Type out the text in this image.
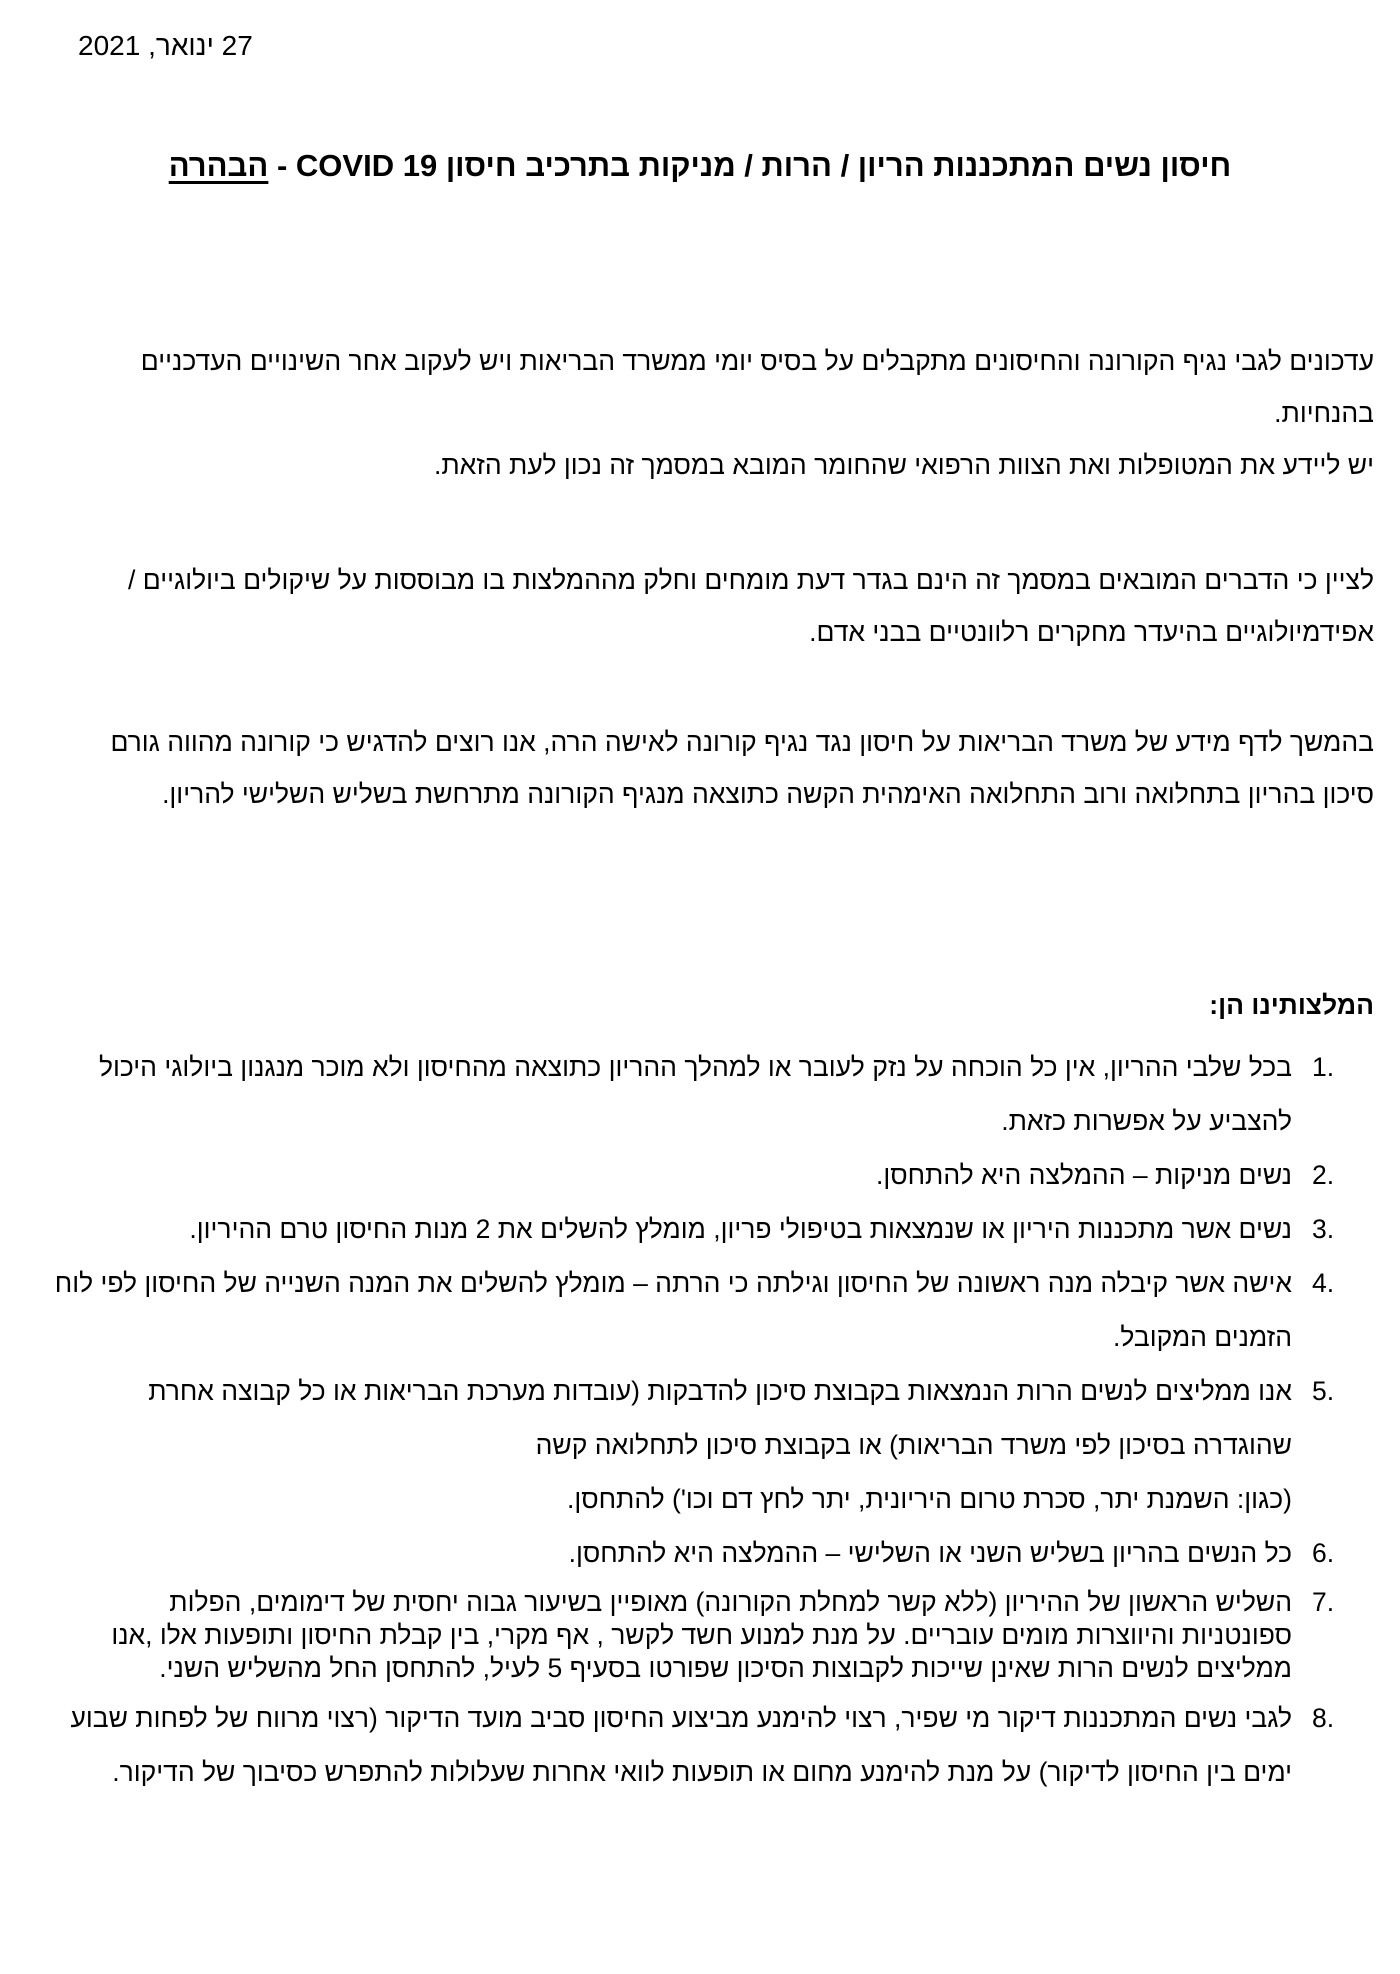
27 ינואר, 2021
חיסון נשים המתכננות הריון / הרות / מניקות בתרכיב חיסון COVID 19 - הבהרה

עדכונים לגבי נגיף הקורונה והחיסונים מתקבלים על בסיס יומי ממשרד הבריאות ויש לעקוב אחר השינויים העדכניים בהנחיות.
יש ליידע את המטופלות ואת הצוות הרפואי שהחומר המובא במסמך זה נכון לעת הזאת.

לציין כי הדברים המובאים במסמך זה הינם בגדר דעת מומחים וחלק מההמלצות בו מבוססות על שיקולים ביולוגיים / אפידמיולוגיים בהיעדר מחקרים רלוונטיים בבני אדם.

בהמשך לדף מידע של משרד הבריאות על חיסון נגד נגיף קורונה לאישה הרה, אנו רוצים להדגיש כי קורונה מהווה גורם סיכון בהריון בתחלואה ורוב התחלואה האימהית הקשה כתוצאה מנגיף הקורונה מתרחשת בשליש השלישי להריון.

המלצותינו הן:
1.
בכל שלבי ההריון, אין כל הוכחה על נזק לעובר או למהלך ההריון כתוצאה מהחיסון ולא מוכר מנגנון ביולוגי היכול להצביע על אפשרות כזאת.
2.
נשים מניקות – ההמלצה היא להתחסן.
3.
נשים אשר מתכננות היריון או שנמצאות בטיפולי פריון, מומלץ להשלים את 2 מנות החיסון טרם ההיריון.
4.
אישה אשר קיבלה מנה ראשונה של החיסון וגילתה כי הרתה – מומלץ להשלים את המנה השנייה של החיסון לפי לוח הזמנים המקובל.
5.
אנו ממליצים לנשים הרות הנמצאות בקבוצת סיכון להדבקות (עובדות מערכת הבריאות או כל קבוצה אחרת שהוגדרה בסיכון לפי משרד הבריאות) או בקבוצת סיכון לתחלואה קשה
(כגון: השמנת יתר, סכרת טרום היריונית, יתר לחץ דם וכו') להתחסן.
6.
כל הנשים בהריון בשליש השני או השלישי – ההמלצה היא להתחסן.
7.
השליש הראשון של ההיריון (ללא קשר למחלת הקורונה) מאופיין בשיעור גבוה יחסית של דימומים, הפלות ספונטניות והיווצרות מומים עובריים. על מנת למנוע חשד לקשר , אף מקרי, בין קבלת החיסון ותופעות אלו ,אנו ממליצים לנשים הרות שאינן שייכות לקבוצות הסיכון שפורטו בסעיף 5 לעיל, להתחסן החל מהשליש השני.
8.
לגבי נשים המתכננות דיקור מי שפיר, רצוי להימנע מביצוע החיסון סביב מועד הדיקור (רצוי מרווח של לפחות שבוע ימים בין החיסון לדיקור) על מנת להימנע מחום או תופעות לוואי אחרות שעלולות להתפרש כסיבוך של הדיקור.
